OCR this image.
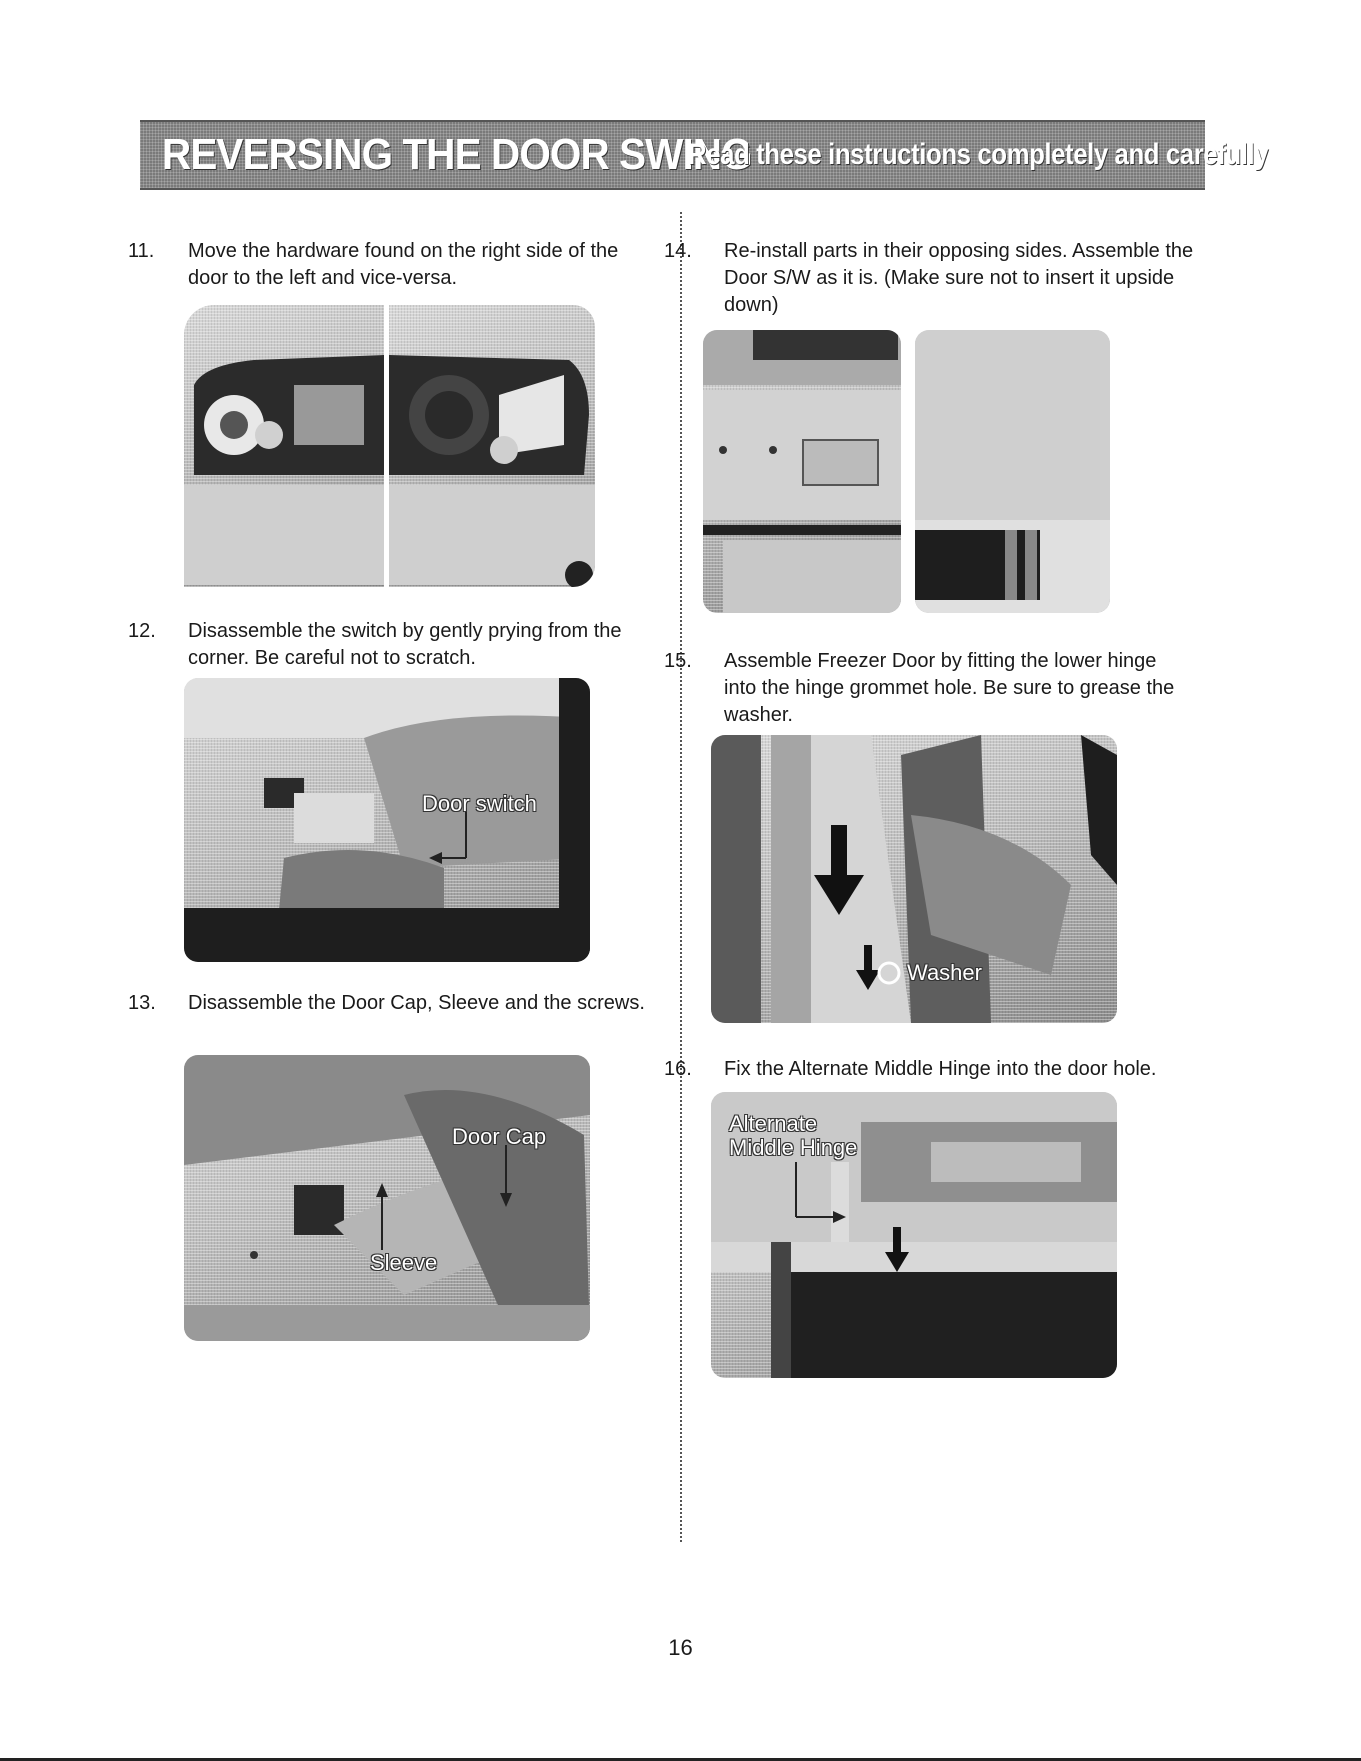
REVERSING THE DOOR SWING
Read these instructions completely and carefully
11. Move the hardware found on the right side of the door to the left and vice-versa.
12. Disassemble the switch by gently prying from the corner. Be careful not to scratch.
Door switch
13. Disassemble the Door Cap, Sleeve and the screws.
Door Cap
Sleeve
14. Re-install parts in their opposing sides. Assemble the Door S/W as it is. (Make sure not to insert it upside down)
15. Assemble Freezer Door by fitting the lower hinge into the hinge grommet hole. Be sure to grease the washer.
Washer
16. Fix the Alternate Middle Hinge into the door hole.
Alternate
Middle Hinge
16
